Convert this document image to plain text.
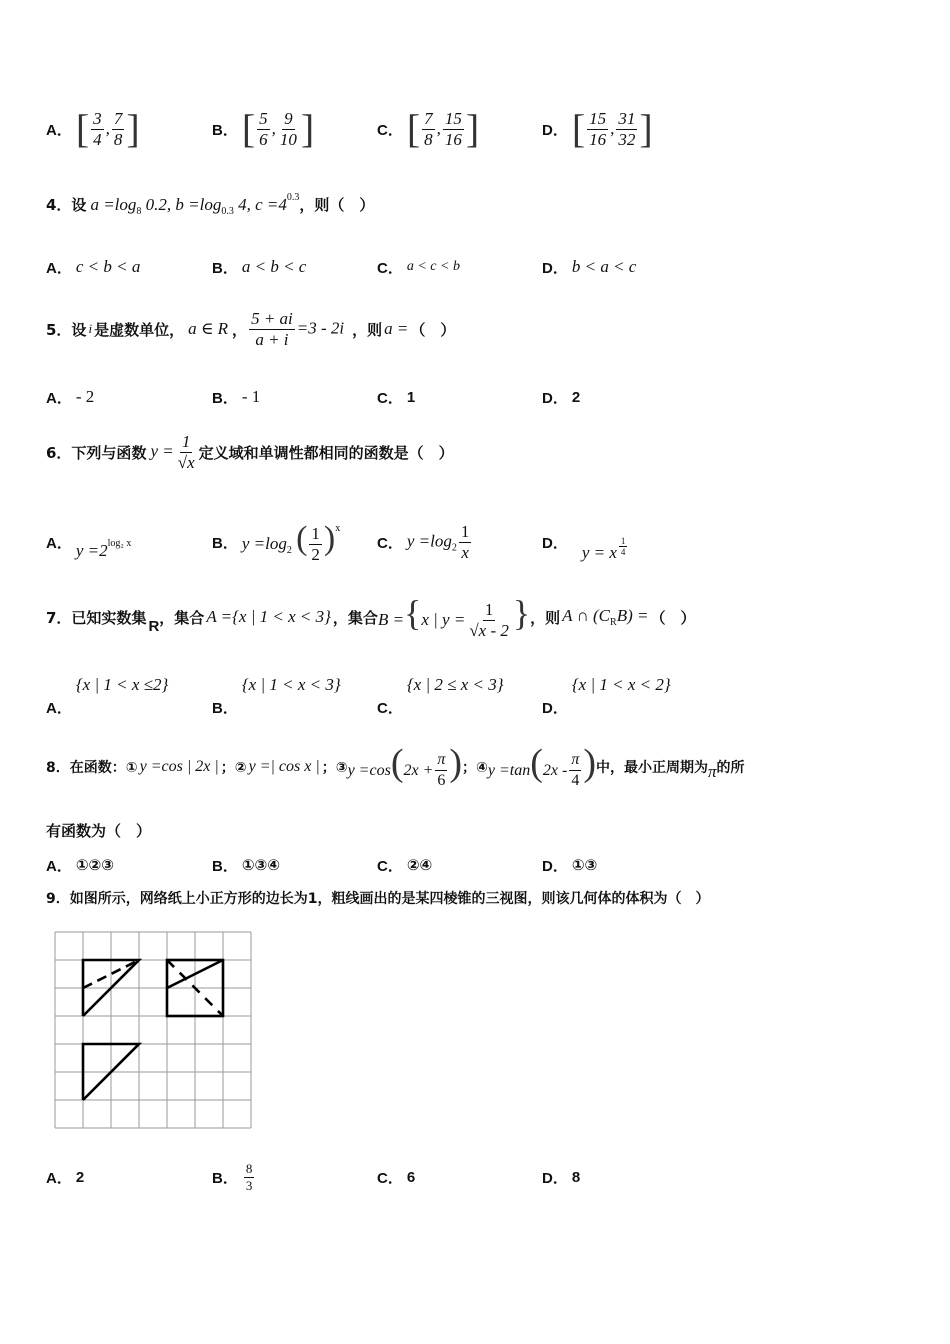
A． [ $\frac{3}{4}$ , $\frac{7}{8}$ ]	B． [ $\frac{5}{6}$ , $\frac{9}{10}$ ]	C． [ $\frac{7}{8}$ , $\frac{15}{16}$ ]	D． [ $\frac{15}{16}$ , $\frac{31}{32}$ ]
4．设 $a =\log_8$ 0.2, $b =\log_{0.3}$ 4, $c =4^{0.3}$ ，则（　）
A． c < b < a	B． a < b < c	C． a < c < b	D． b < a < c
5．设 i 是虚数单位， a ∈ R ， $\frac{5 + ai}{a + i} =3 - 2i$ ，则 a = （　）
A． - 2	B． - 1	C． 1	D． 2
6．下列与函数 $y = \frac{1}{√x}$ 定义域和单调性都相同的函数是（　）
A． $y =2^{log_2 x}$	B． $y =\log_2$ ( $\frac{1}{2} )^x$
C． $y =\log_2 \frac{1}{x}$	D． y = x $\frac{1}{4}$
7．已知实数集 R ，集合 A ={x | 1 < x < 3} ，集合 B ={x | $y = \frac{1}{√x - 2}$ } ，则 A ∩ $(C_RB)$ = （　）
A．
{x | 1 < x ≤2}
B．
{x | 1 < x < 3}
C．
{x | 2 ≤ x < 3}
D．
{x | 1 < x < 2}
8．在函数：① y =cos | 2x | ；② y =| cos x | ；③ $y =\cos(2x + \frac{\pi}{6}$ ) ；④ $y =\tan(2x - \frac{\pi}{4}$ ) 中，最小正周期为 π 的所
有函数为（　）
A． ①②③	B． ①③④	C． ②④	D． ①③
9．如图所示，网络纸上小正方形的边长为1，粗线画出的是某四棱锥的三视图，则该几何体的体积为（　）
A． 2	B． $\frac{8}{3}$	C． 6	D． 8
